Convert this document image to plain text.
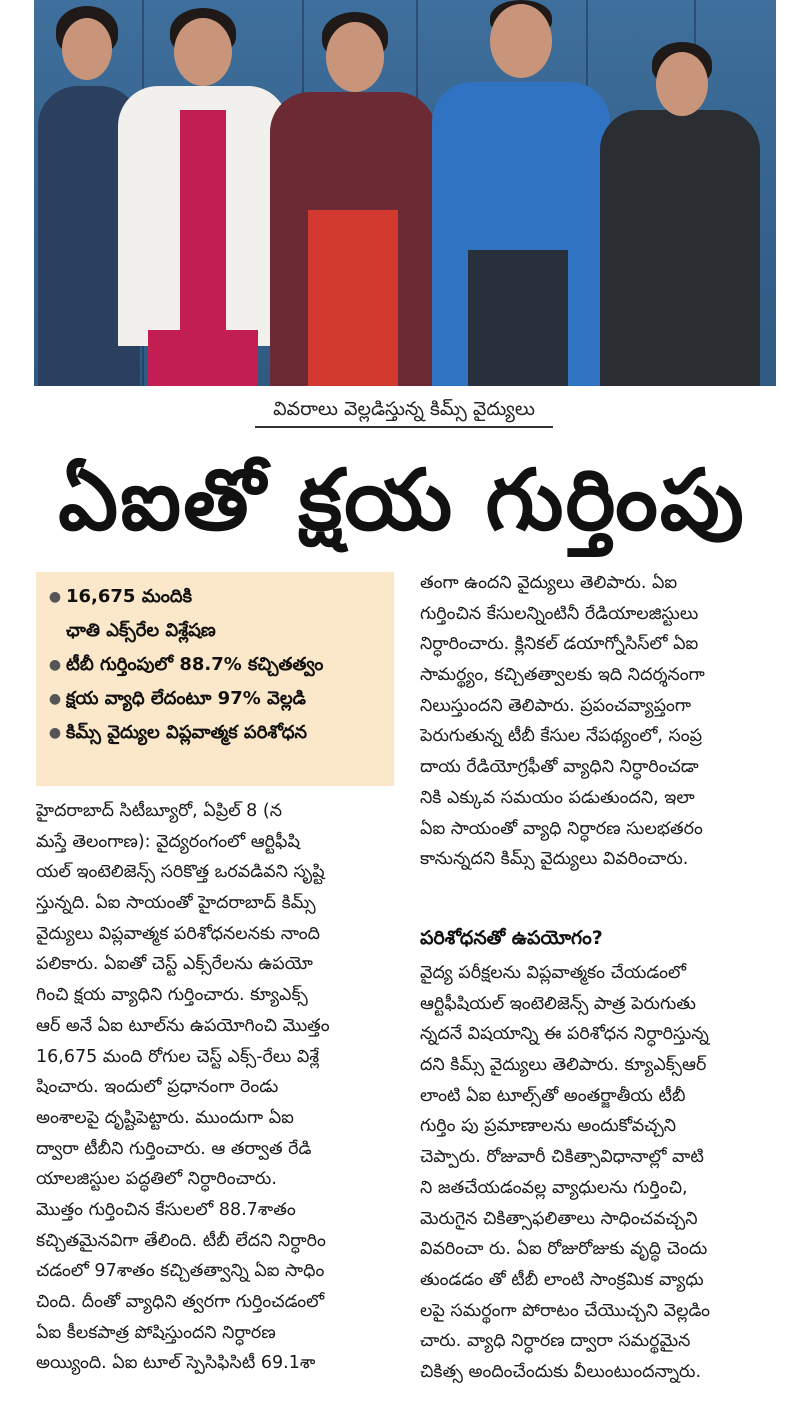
వివరాలు వెల్లడిస్తున్న కిమ్స్ వైద్యులు
ఏఐతో క్షయ గుర్తింపు
● 16,675 మందికి
ఛాతి ఎక్స్‌రేల విశ్లేషణ
● టీబీ గుర్తింపులో 88.7% కచ్చితత్వం
● క్షయ వ్యాధి లేదంటూ 97% వెల్లడి
● కిమ్స్ వైద్యుల విప్లవాత్మక పరిశోధన
హైదరాబాద్ సిటీబ్యూరో, ఏప్రిల్ 8 (న
మస్తే తెలంగాణ): వైద్యరంగంలో ఆర్టిఫీషి
యల్ ఇంటెలిజెన్స్ సరికొత్త ఒరవడివని సృష్టి
స్తున్నది. ఏఐ సాయంతో హైదరాబాద్ కిమ్స్
వైద్యులు విప్లవాత్మక పరిశోధనలనకు నాంది
పలికారు. ఏఐతో చెస్ట్ ఎక్స్‌రేలను ఉపయో
గించి క్షయ వ్యాధిని గుర్తించారు. క్యూఎక్స్
ఆర్ అనే ఏఐ టూల్‌ను ఉపయోగించి మొత్తం
16,675 మంది రోగుల చెస్ట్ ఎక్స్-రేలు విశ్లే
షించారు. ఇందులో ప్రధానంగా రెండు
అంశాలపై దృష్టిపెట్టారు. ముందుగా ఏఐ
ద్వారా టీబీని గుర్తించారు. ఆ తర్వాత రేడి
యాలజిస్టుల పద్ధతిలో నిర్ధారించారు.
మొత్తం గుర్తించిన కేసులలో 88.7శాతం
కచ్చితమైనవిగా తేలింది. టీబీ లేదని నిర్ధారిం
చడంలో 97శాతం కచ్చితత్వాన్ని ఏఐ సాధిం
చింది. దీంతో వ్యాధిని త్వరగా గుర్తించడంలో
ఏఐ కీలకపాత్ర పోషిస్తుందని నిర్ధారణ
అయ్యింది. ఏఐ టూల్ స్పెసిఫిసిటీ 69.1శా
తంగా ఉందని వైద్యులు తెలిపారు. ఏఐ
గుర్తించిన కేసులన్నింటినీ రేడియాలజిస్టులు
నిర్ధారించారు. క్లినికల్ డయాగ్నోసిస్‌లో ఏఐ
సామర్థ్యం, కచ్చితత్వాలకు ఇది నిదర్శనంగా
నిలుస్తుందని తెలిపారు. ప్రపంచవ్యాప్తంగా
పెరుగుతున్న టీబీ కేసుల నేపథ్యంలో, సంప్ర
దాయ రేడియోగ్రఫీతో వ్యాధిని నిర్ధారించడా
నికి ఎక్కువ సమయం పడుతుందని, ఇలా
ఏఐ సాయంతో వ్యాధి నిర్ధారణ సులభతరం
కానున్నదని కిమ్స్ వైద్యులు వివరించారు.
పరిశోధనతో ఉపయోగం?
వైద్య పరీక్షలను విప్లవాత్మకం చేయడంలో
ఆర్టిఫీషియల్ ఇంటెలిజెన్స్ పాత్ర పెరుగుతు
న్నదనే విషయాన్ని ఈ పరిశోధన నిర్ధారిస్తున్న
దని కిమ్స్ వైద్యులు తెలిపారు. క్యూఎక్స్‌ఆర్
లాంటి ఏఐ టూల్స్‌తో అంతర్జాతీయ టీబీ
గుర్తిం పు ప్రమాణాలను అందుకోవచ్చని
చెప్పారు. రోజువారీ చికిత్సావిధానాల్లో వాటి
ని జతచేయడంవల్ల వ్యాధులను గుర్తించి,
మెరుగైన చికిత్సాఫలితాలు సాధించవచ్చని
వివరించా రు. ఏఐ రోజురోజుకు వృద్ధి చెందు
తుండడం తో టీబీ లాంటి సాంక్రమిక వ్యాధు
లపై సమర్థంగా పోరాటం చేయొచ్చని వెల్లడిం
చారు. వ్యాధి నిర్ధారణ ద్వారా సమర్థమైన
చికిత్స అందించేందుకు వీలుంటుందన్నారు.
